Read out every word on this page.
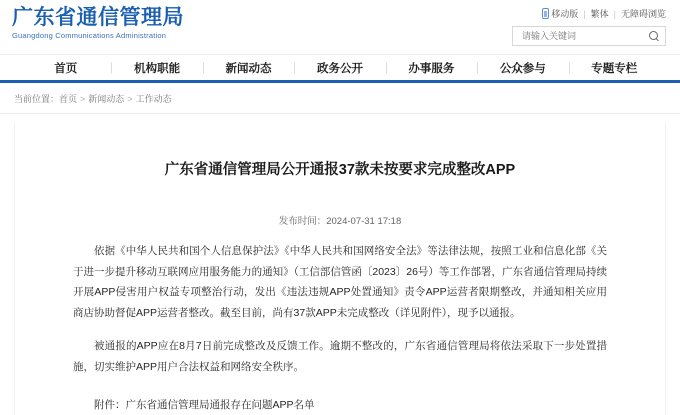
广东省通信管理局
Guangdong Communications Administration
移动版 | 繁体 | 无障碍浏览
请输入关键词
首页	机构职能	新闻动态	政务公开	办事服务	公众参与	专题专栏
当前位置：首页 > 新闻动态 > 工作动态
广东省通信管理局公开通报37款未按要求完成整改APP
发布时间：2024-07-31 17:18

依据《中华人民共和国个人信息保护法》《中华人民共和国网络安全法》等法律法规，按照工业和信息化部《关于进一步提升移动互联网应用服务能力的通知》（工信部信管函〔2023〕26号）等工作部署，广东省通信管理局持续开展APP侵害用户权益专项整治行动，发出《违法违规APP处置通知》责令APP运营者限期整改，并通知相关应用商店协助督促APP运营者整改。截至目前，尚有37款APP未完成整改（详见附件），现予以通报。

被通报的APP应在8月7日前完成整改及反馈工作。逾期不整改的，广东省通信管理局将依法采取下一步处置措施，切实维护APP用户合法权益和网络安全秩序。

附件：广东省通信管理局通报存在问题APP名单
